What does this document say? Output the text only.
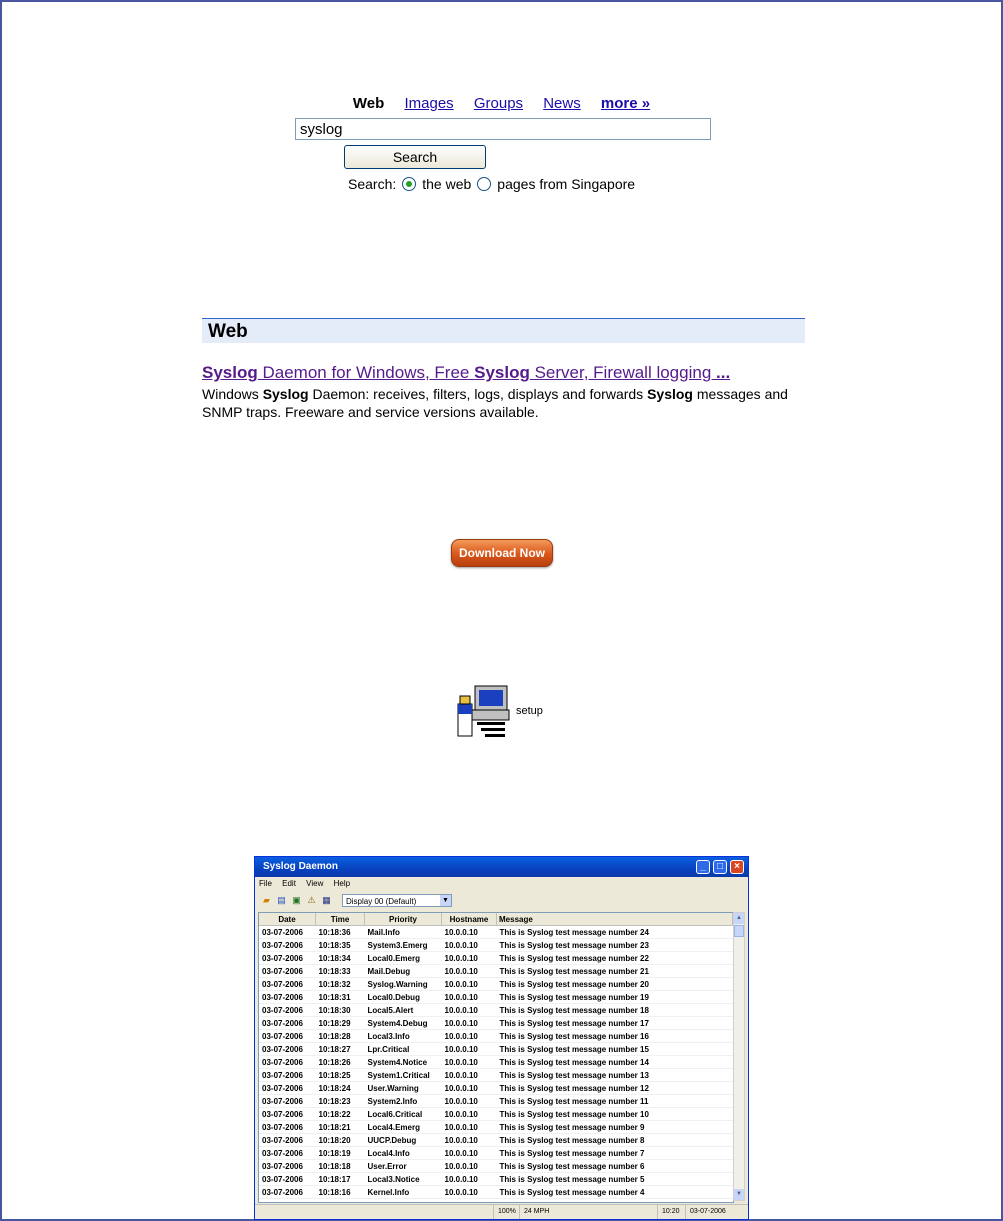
Web Images Groups News more »
syslog
Search
Search: the web pages from Singapore
Web
Syslog Daemon for Windows, Free Syslog Server, Firewall logging ...
Windows Syslog Daemon: receives, filters, logs, displays and forwards Syslog messages and SNMP traps. Freeware and service versions available.
Download Now
setup
Syslog Daemon	_	□	×
File Edit View Help
▰ ▤ ▣ ⚠ ▦	Display 00 (Default)	▼
Date	Time	Priority	Hostname	Message
03-07-2006	10:18:36	Mail.Info	10.0.0.10	This is Syslog test message number 24
03-07-2006	10:18:35	System3.Emerg	10.0.0.10	This is Syslog test message number 23
03-07-2006	10:18:34	Local0.Emerg	10.0.0.10	This is Syslog test message number 22
03-07-2006	10:18:33	Mail.Debug	10.0.0.10	This is Syslog test message number 21
03-07-2006	10:18:32	Syslog.Warning	10.0.0.10	This is Syslog test message number 20
03-07-2006	10:18:31	Local0.Debug	10.0.0.10	This is Syslog test message number 19
03-07-2006	10:18:30	Local5.Alert	10.0.0.10	This is Syslog test message number 18
03-07-2006	10:18:29	System4.Debug	10.0.0.10	This is Syslog test message number 17
03-07-2006	10:18:28	Local3.Info	10.0.0.10	This is Syslog test message number 16
03-07-2006	10:18:27	Lpr.Critical	10.0.0.10	This is Syslog test message number 15
03-07-2006	10:18:26	System4.Notice	10.0.0.10	This is Syslog test message number 14
03-07-2006	10:18:25	System1.Critical	10.0.0.10	This is Syslog test message number 13
03-07-2006	10:18:24	User.Warning	10.0.0.10	This is Syslog test message number 12
03-07-2006	10:18:23	System2.Info	10.0.0.10	This is Syslog test message number 11
03-07-2006	10:18:22	Local6.Critical	10.0.0.10	This is Syslog test message number 10
03-07-2006	10:18:21	Local4.Emerg	10.0.0.10	This is Syslog test message number 9
03-07-2006	10:18:20	UUCP.Debug	10.0.0.10	This is Syslog test message number 8
03-07-2006	10:18:19	Local4.Info	10.0.0.10	This is Syslog test message number 7
03-07-2006	10:18:18	User.Error	10.0.0.10	This is Syslog test message number 6
03-07-2006	10:18:17	Local3.Notice	10.0.0.10	This is Syslog test message number 5
03-07-2006	10:18:16	Kernel.Info	10.0.0.10	This is Syslog test message number 4
▲
▼
100%	24 MPH	10:20	03-07-2006
